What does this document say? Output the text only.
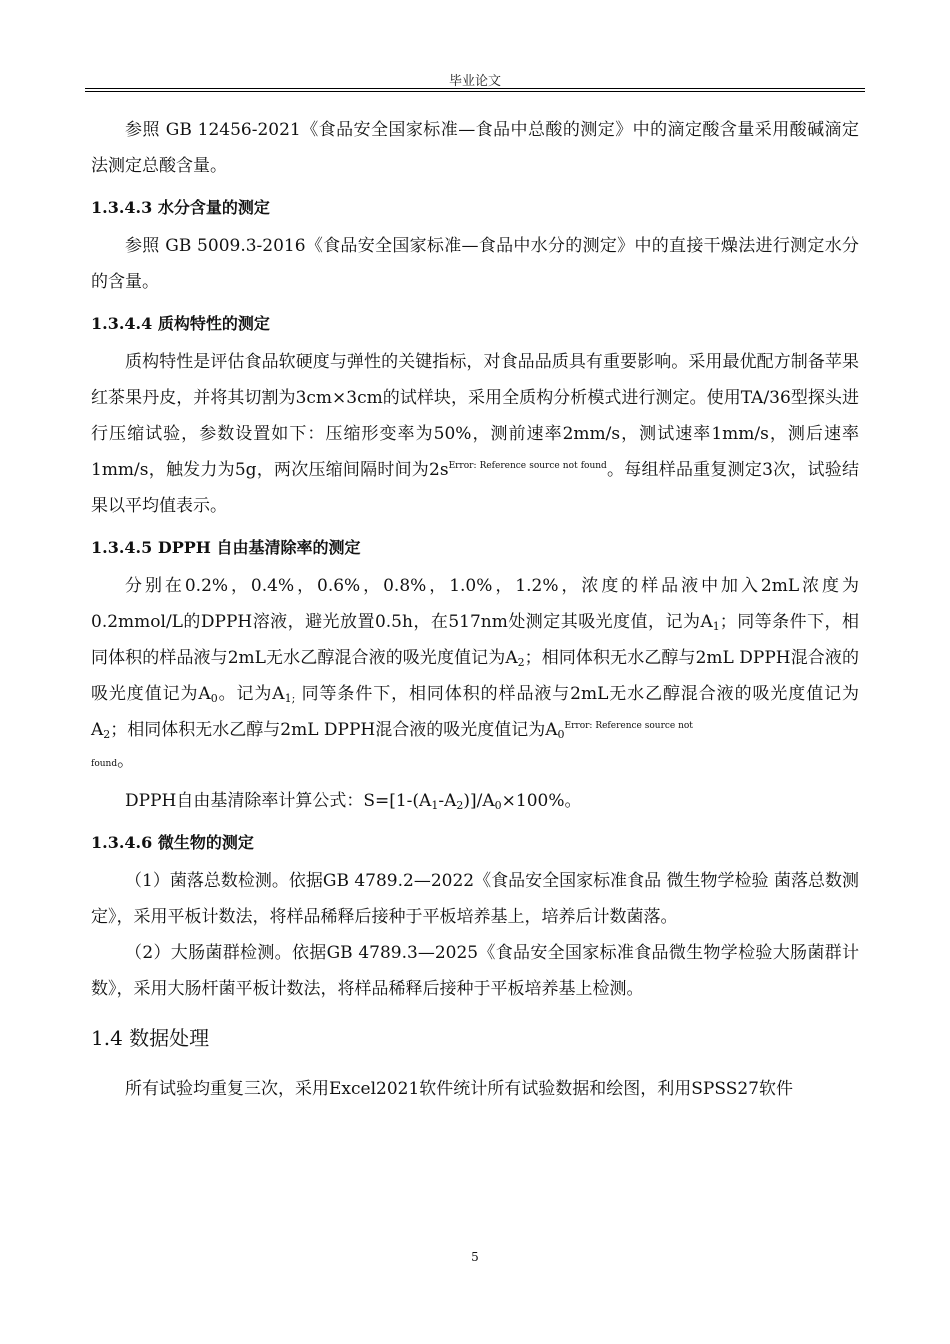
毕业论文

参照 GB 12456-2021《食品安全国家标准—食品中总酸的测定》中的滴定酸含量采用酸碱滴定法测定总酸含量。

1.3.4.3 水分含量的测定

参照 GB 5009.3-2016《食品安全国家标准—食品中水分的测定》中的直接干燥法进行测定水分的含量。

1.3.4.4 质构特性的测定

质构特性是评估食品软硬度与弹性的关键指标，对食品品质具有重要影响。采用最优配方制备苹果红茶果丹皮，并将其切割为3cm×3cm的试样块，采用全质构分析模式进行测定。使用TA/36型探头进行压缩试验，参数设置如下：压缩形变率为50%，测前速率2mm/s，测试速率1mm/s，测后速率1mm/s，触发力为5g，两次压缩间隔时间为$2s^{Error: Reference source not found}$。每组样品重复测定3次，试验结果以平均值表示。

1.3.4.5 DPPH 自由基清除率的测定

分别在0.2%，0.4%，0.6%，0.8%，1.0%，1.2%，浓度的样品液中加入2mL浓度为0.2mmol/L的DPPH溶液，避光放置0.5h，在517nm处测定其吸光度值，记为$A_1$；同等条件下，相同体积的样品液与2mL无水乙醇混合液的吸光度值记为$A_2$；相同体积无水乙醇与2mL DPPH混合液的吸光度值记为$A_0$。记为$A_{1;}$ 同等条件下，相同体积的样品液与2mL无水乙醇混合液的吸光度值记为$A_2$；相同体积无水乙醇与2mL DPPH混合液的吸光度值记为$A_0^{Error: Reference source not}$

found。

DPPH自由基清除率计算公式：$S=[1-(A_1-A_2)]/A_0\times 100\%$。

1.3.4.6 微生物的测定

（1）菌落总数检测。依据GB 4789.2—2022《食品安全国家标准食品 微生物学检验 菌落总数测定》，采用平板计数法，将样品稀释后接种于平板培养基上，培养后计数菌落。

（2）大肠菌群检测。依据GB 4789.3—2025《食品安全国家标准食品微生物学检验大肠菌群计数》，采用大肠杆菌平板计数法，将样品稀释后接种于平板培养基上检测。

1.4 数据处理

所有试验均重复三次，采用Excel2021软件统计所有试验数据和绘图，利用SPSS27软件

5
